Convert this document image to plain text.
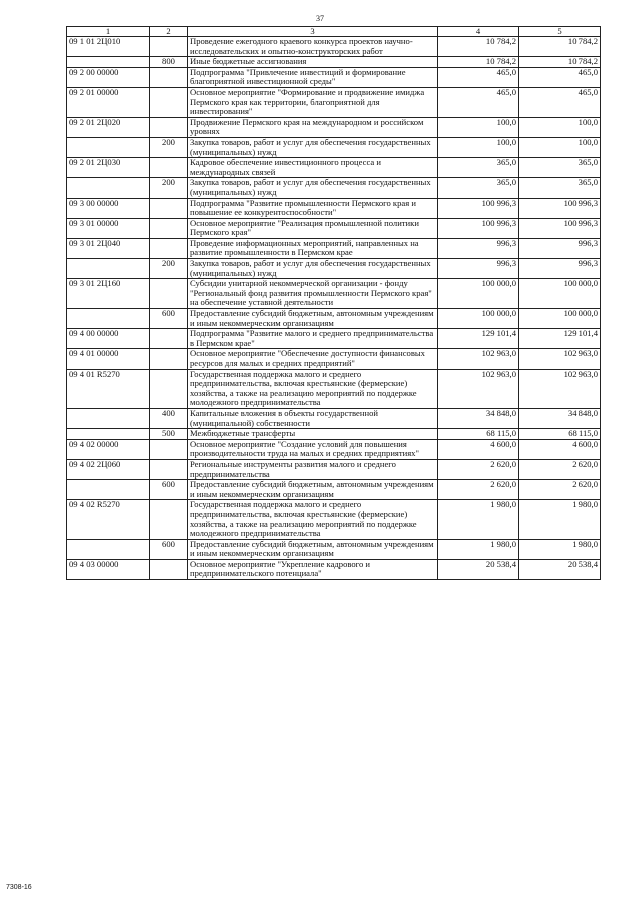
37
1	2	3	4	5
09 1 01 2Ц010		Проведение ежегодного краевого конкурса проектов научно-исследовательских и опытно-конструкторских работ	10 784,2	10 784,2
	800	Иные бюджетные ассигнования	10 784,2	10 784,2
09 2 00 00000		Подпрограмма "Привлечение инвестиций и формирование благоприятной инвестиционной среды"	465,0	465,0
09 2 01 00000		Основное мероприятие "Формирование и продвижение имиджа Пермского края как территории, благоприятной для инвестирования"	465,0	465,0
09 2 01 2Ц020		Продвижение Пермского края на международном и российском уровнях	100,0	100,0
	200	Закупка товаров, работ и услуг для обеспечения государственных (муниципальных) нужд	100,0	100,0
09 2 01 2Ц030		Кадровое обеспечение инвестиционного процесса и международных связей	365,0	365,0
	200	Закупка товаров, работ и услуг для обеспечения государственных (муниципальных) нужд	365,0	365,0
09 3 00 00000		Подпрограмма "Развитие промышленности Пермского края и повышение ее конкурентоспособности"	100 996,3	100 996,3
09 3 01 00000		Основное мероприятие "Реализация промышленной политики Пермского края"	100 996,3	100 996,3
09 3 01 2Ц040		Проведение информационных мероприятий, направленных на развитие промышленности в Пермском крае	996,3	996,3
	200	Закупка товаров, работ и услуг для обеспечения государственных (муниципальных) нужд	996,3	996,3
09 3 01 2Ц160		Субсидии унитарной некоммерческой организации - фонду "Региональный фонд развития промышленности Пермского края" на обеспечение уставной деятельности	100 000,0	100 000,0
	600	Предоставление субсидий бюджетным, автономным учреждениям и иным некоммерческим организациям	100 000,0	100 000,0
09 4 00 00000		Подпрограмма "Развитие малого и среднего предпринимательства в Пермском крае"	129 101,4	129 101,4
09 4 01 00000		Основное мероприятие "Обеспечение доступности финансовых ресурсов для малых и средних предприятий"	102 963,0	102 963,0
09 4 01 R5270		Государственная поддержка малого и среднего предпринимательства, включая крестьянские (фермерские) хозяйства, а также на реализацию мероприятий по поддержке молодежного предпринимательства	102 963,0	102 963,0
	400	Капитальные вложения в объекты государственной (муниципальной) собственности	34 848,0	34 848,0
	500	Межбюджетные трансферты	68 115,0	68 115,0
09 4 02 00000		Основное мероприятие "Создание условий для повышения производительности труда на малых и средних предприятиях"	4 600,0	4 600,0
09 4 02 2Ц060		Региональные инструменты развития малого и среднего предпринимательства	2 620,0	2 620,0
	600	Предоставление субсидий бюджетным, автономным учреждениям и иным некоммерческим организациям	2 620,0	2 620,0
09 4 02 R5270		Государственная поддержка малого и среднего предпринимательства, включая крестьянские (фермерские) хозяйства, а также на реализацию мероприятий по поддержке молодежного предпринимательства	1 980,0	1 980,0
	600	Предоставление субсидий бюджетным, автономным учреждениям и иным некоммерческим организациям	1 980,0	1 980,0
09 4 03 00000		Основное мероприятие "Укрепление кадрового и предпринимательского потенциала"	20 538,4	20 538,4
7308-16
